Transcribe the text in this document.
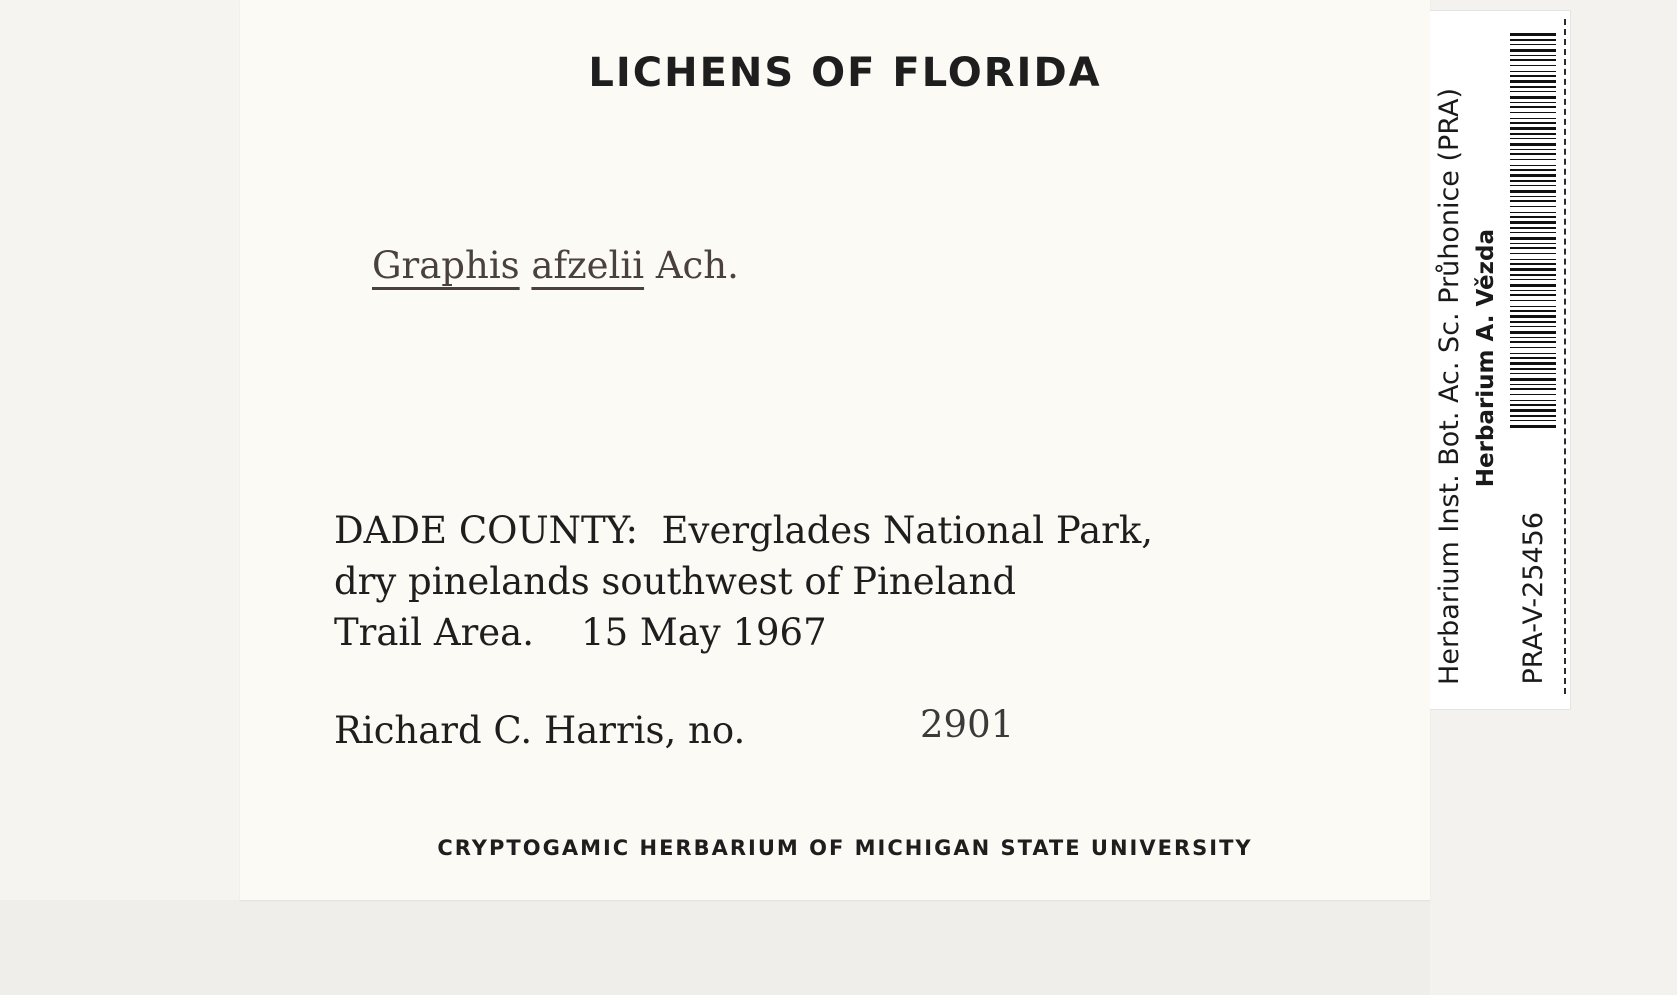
LICHENS OF FLORIDA
Graphis afzelii Ach.
DADE COUNTY:  Everglades National Park,
dry pinelands southwest of Pineland
Trail Area.    15 May 1967
Richard C. Harris, no.	2901
CRYPTOGAMIC HERBARIUM OF MICHIGAN STATE UNIVERSITY
Herbarium Inst. Bot. Ac. Sc. Průhonice (PRA) Herbarium A. Vězda
PRA-V-25456
